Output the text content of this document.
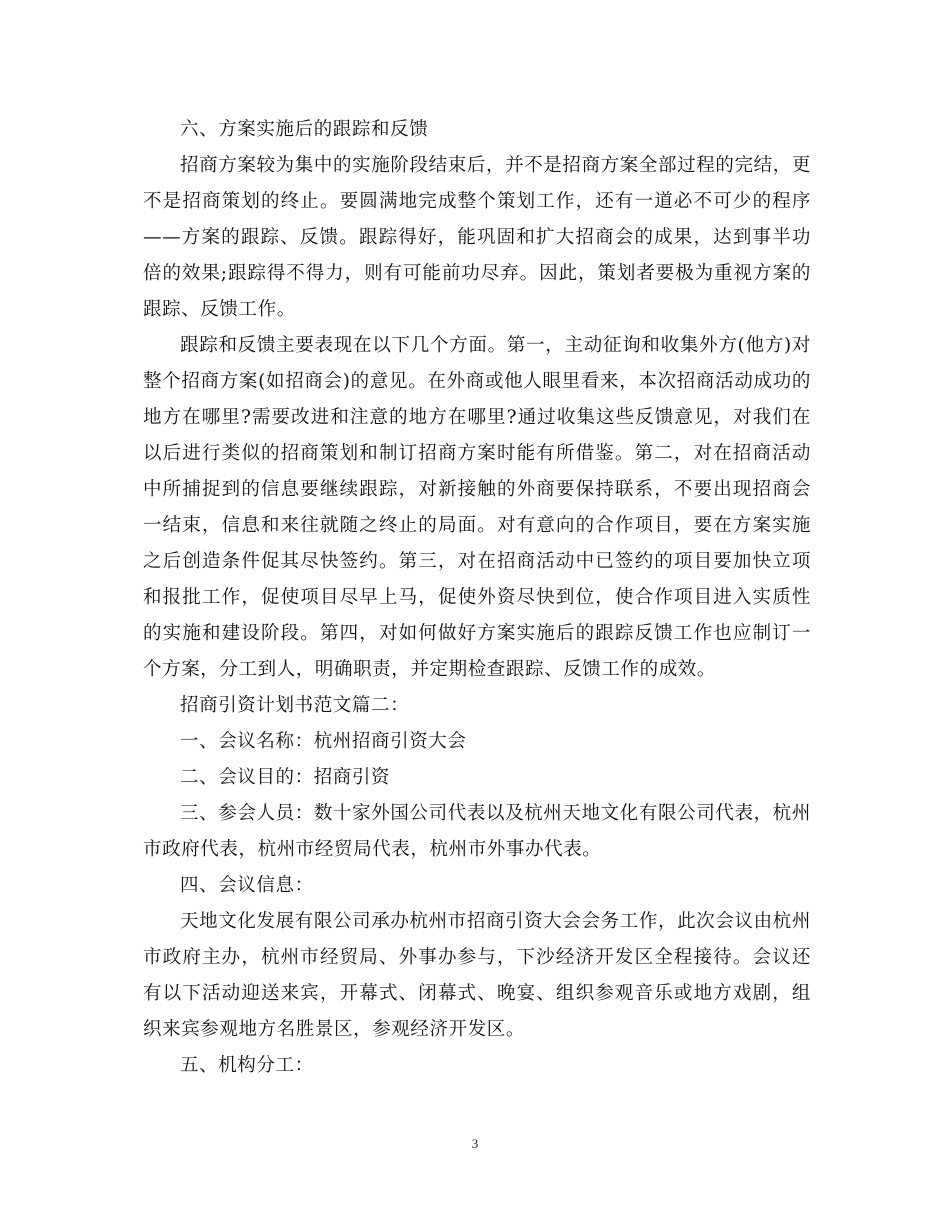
六、方案实施后的跟踪和反馈

招商方案较为集中的实施阶段结束后，并不是招商方案全部过程的完结，更不是招商策划的终止。要圆满地完成整个策划工作，还有一道必不可少的程序——方案的跟踪、反馈。跟踪得好，能巩固和扩大招商会的成果，达到事半功倍的效果;跟踪得不得力，则有可能前功尽弃。因此，策划者要极为重视方案的跟踪、反馈工作。

跟踪和反馈主要表现在以下几个方面。第一，主动征询和收集外方(他方)对整个招商方案(如招商会)的意见。在外商或他人眼里看来，本次招商活动成功的地方在哪里?需要改进和注意的地方在哪里?通过收集这些反馈意见，对我们在以后进行类似的招商策划和制订招商方案时能有所借鉴。第二，对在招商活动中所捕捉到的信息要继续跟踪，对新接触的外商要保持联系，不要出现招商会一结束，信息和来往就随之终止的局面。对有意向的合作项目，要在方案实施之后创造条件促其尽快签约。第三，对在招商活动中已签约的项目要加快立项和报批工作，促使项目尽早上马，促使外资尽快到位，使合作项目进入实质性的实施和建设阶段。第四，对如何做好方案实施后的跟踪反馈工作也应制订一个方案，分工到人，明确职责，并定期检查跟踪、反馈工作的成效。

招商引资计划书范文篇二：

一、会议名称：杭州招商引资大会

二、会议目的：招商引资

三、参会人员：数十家外国公司代表以及杭州天地文化有限公司代表，杭州市政府代表，杭州市经贸局代表，杭州市外事办代表。

四、会议信息：

天地文化发展有限公司承办杭州市招商引资大会会务工作，此次会议由杭州市政府主办，杭州市经贸局、外事办参与，下沙经济开发区全程接待。会议还有以下活动迎送来宾，开幕式、闭幕式、晚宴、组织参观音乐或地方戏剧，组织来宾参观地方名胜景区，参观经济开发区。

五、机构分工：

3
